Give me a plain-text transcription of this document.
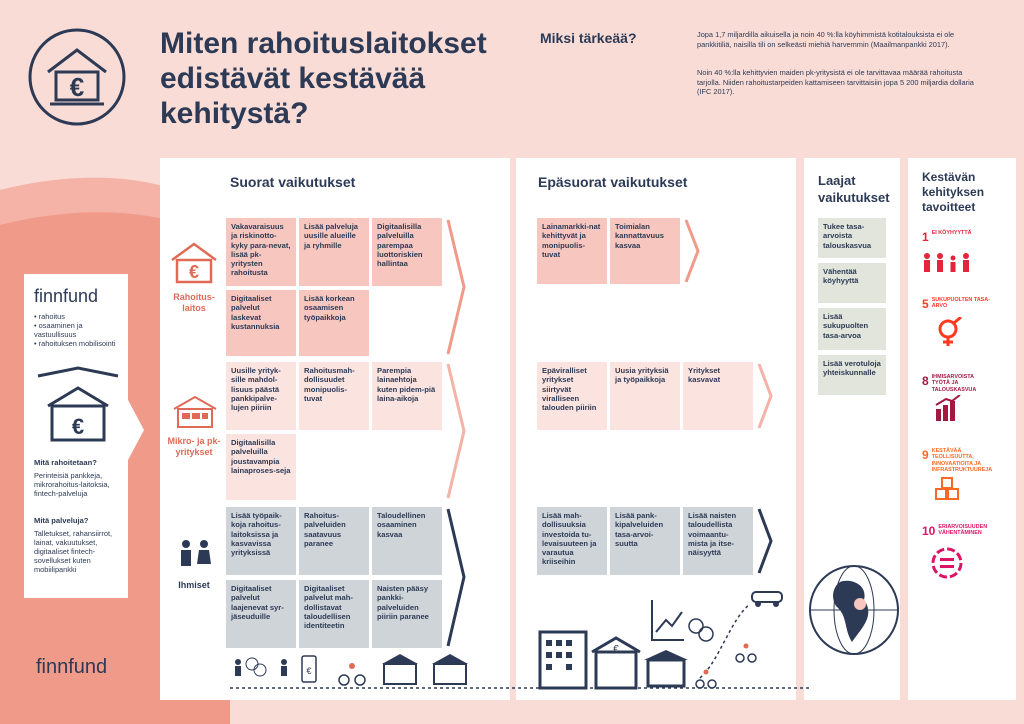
€
Miten rahoituslaitokset
edistävät kestävää
kehitystä?
Miksi tärkeää?	Jopa 1,7 miljardilla aikuisella ja noin 40 %:lla köyhimmistä kotitalouksista ei ole pankkitiliä, naisilla tili on selkeästi miehiä harvemmin (Maailmanpankki 2017).
Noin 40 %:lla kehittyvien maiden pk-yritysistä ei ole tarvittavaa määrää rahoitusta tarjolla. Niiden rahoitustarpeiden kattamiseen tarvittaisiin jopa 5 200 miljardia dollaria (IFC 2017).
finnfund
• rahoitus
• osaaminen ja vastuullisuus
• rahoituksen mobilisointi
€
Mitä rahoitetaan?
Perinteisiä pankkeja, mikrorahoitus-laitoksia, fintech-palveluja
Mitä palveluja?
Talletukset, rahansiirrot, lainat, vakuutukset, digitaaliset fintech-sovellukset kuten mobiilipankki
finnfund
Suorat vaikutukset	Epäsuorat vaikutukset	Laajat vaikutukset
Kestävän kehityksen tavoitteet
€
Rahoitus-laitos
Mikro- ja pk-yritykset
Ihmiset
Vakavaraisuus ja riskinotto-kyky para-nevat, lisää pk-yritysten rahoitusta
Lisää palveluja uusille alueille ja ryhmille
Digitaalisilla palveluilla parempaa luottoriskien hallintaa
Digitaaliset palvelut laskevat kustannuksia
Lisää korkean osaamisen työpaikkoja
Uusille yrityk-sille mahdol-lisuus päästä pankkipalve-lujen piiriin
Rahoitusmah-dollisuudet monipuolis-tuvat
Parempia lainaehtoja kuten pidem-piä laina-aikoja
Digitaalisilla palveluilla joustavampia lainaproses-seja
Lisää työpaik-koja rahoitus-laitoksissa ja kasvavissa yrityksissä
Rahoitus-palveluiden saatavuus paranee
Taloudellinen osaaminen kasvaa
Digitaaliset palvelut laajenevat syr-jäseuduille
Digitaaliset palvelut mah-dollistavat taloudellisen identiteetin
Naisten pääsy pankki-palveluiden piiriin paranee
Lainamarkki-nat kehittyvät ja monipuolis-tuvat
Toimialan kannattavuus kasvaa
Epäviralliset yritykset siirtyvät viralliseen talouden piiriin
Uusia yrityksiä ja työpaikkoja
Yritykset kasvavat
Lisää mah-dollisuuksia investoida tu-levaisuuteen ja varautua kriiseihin
Lisää pank-kipalveluiden tasa-arvoi-suutta
Lisää naisten taloudellista voimaantu-mista ja itse-näisyyttä
Tukee tasa-arvoista talouskasvua
Vähentää köyhyyttä
Lisää sukupuolten tasa-arvoa
Lisää verotuloja yhteiskunnalle
1 EI KÖYHYYTTÄ
5 SUKUPUOLTEN TASA-ARVO
8 IHMISARVOISTA TYÖTÄ JA TALOUSKASVUA
9 KESTÄVÄÄ TEOLLISUUTTA, INNOVAATIOITA JA INFRASTRUKTUUREJA
10 ERIARVOISUUDEN VÄHENTÄMINEN
€
€
